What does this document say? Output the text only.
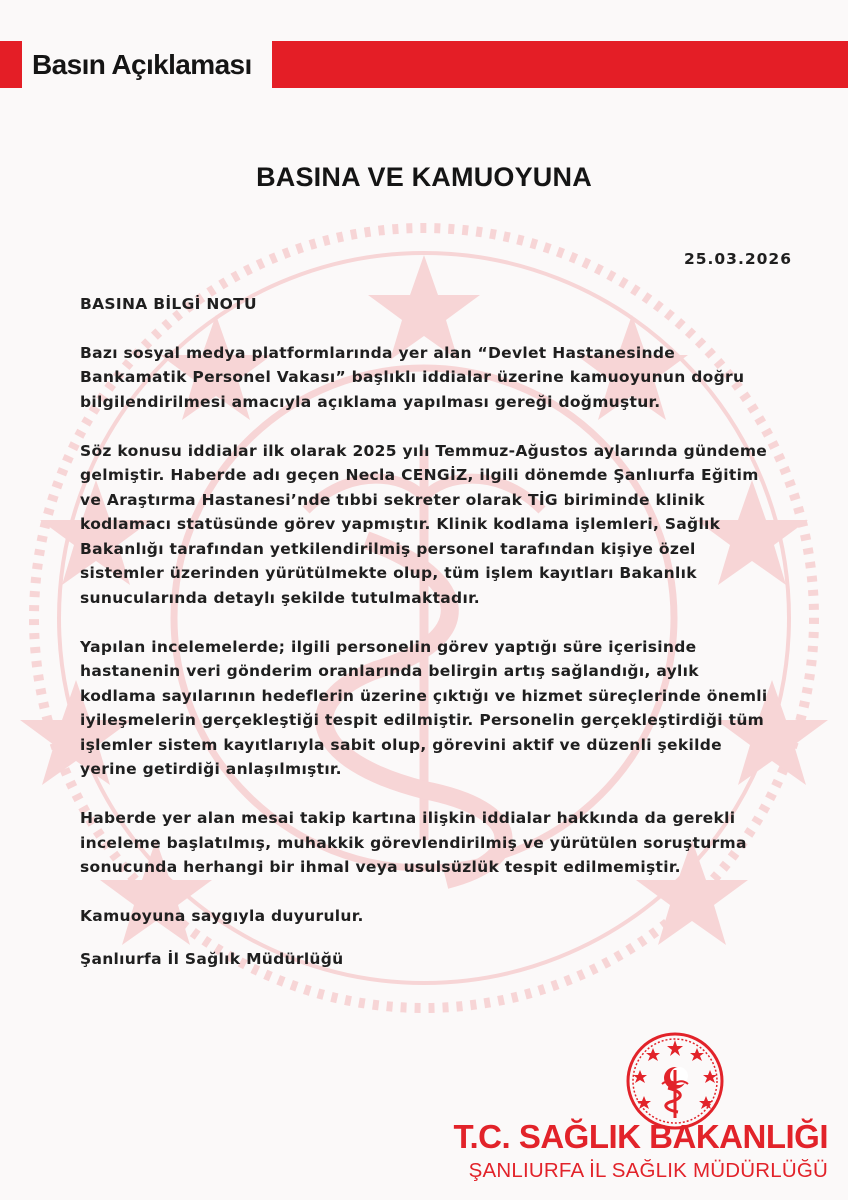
Basın Açıklaması
BASINA VE KAMUOYUNA
25.03.2026

BASINA BİLGİ NOTU

Bazı sosyal medya platformlarında yer alan “Devlet Hastanesinde Bankamatik Personel Vakası” başlıklı iddialar üzerine kamuoyunun doğru bilgilendirilmesi amacıyla açıklama yapılması gereği doğmuştur.

Söz konusu iddialar ilk olarak 2025 yılı Temmuz-Ağustos aylarında gündeme gelmiştir. Haberde adı geçen Necla CENGİZ, ilgili dönemde Şanlıurfa Eğitim ve Araştırma Hastanesi’nde tıbbi sekreter olarak TİG biriminde klinik kodlamacı statüsünde görev yapmıştır. Klinik kodlama işlemleri, Sağlık Bakanlığı tarafından yetkilendirilmiş personel tarafından kişiye özel sistemler üzerinden yürütülmekte olup, tüm işlem kayıtları Bakanlık sunucularında detaylı şekilde tutulmaktadır.

Yapılan incelemelerde; ilgili personelin görev yaptığı süre içerisinde hastanenin veri gönderim oranlarında belirgin artış sağlandığı, aylık kodlama sayılarının hedeflerin üzerine çıktığı ve hizmet süreçlerinde önemli iyileşmelerin gerçekleştiği tespit edilmiştir. Personelin gerçekleştirdiği tüm işlemler sistem kayıtlarıyla sabit olup, görevini aktif ve düzenli şekilde yerine getirdiği anlaşılmıştır.

Haberde yer alan mesai takip kartına ilişkin iddialar hakkında da gerekli inceleme başlatılmış, muhakkik görevlendirilmiş ve yürütülen soruşturma sonucunda herhangi bir ihmal veya usulsüzlük tespit edilmemiştir.

Kamuoyuna saygıyla duyurulur.

Şanlıurfa İl Sağlık Müdürlüğü

T.C. SAĞLIK BAKANLIĞI
ŞANLIURFA İL SAĞLIK MÜDÜRLÜĞÜ
